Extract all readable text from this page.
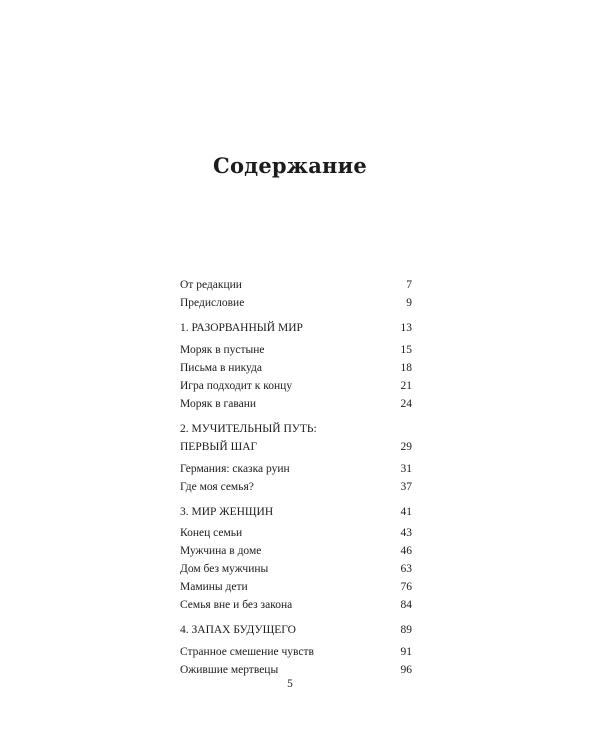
Содержание
От редакции	7
Предисловие	9
1. РАЗОРВАННЫЙ МИР	13
Моряк в пустыне	15
Письма в никуда	18
Игра подходит к концу	21
Моряк в гавани	24
2. МУЧИТЕЛЬНЫЙ ПУТЬ:
ПЕРВЫЙ ШАГ	29
Германия: сказка руин	31
Где моя семья?	37
3. МИР ЖЕНЩИН	41
Конец семьи	43
Мужчина в доме	46
Дом без мужчины	63
Мамины дети	76
Семья вне и без закона	84
4. ЗАПАХ БУДУЩЕГО	89
Странное смешение чувств	91
Ожившие мертвецы	96
5
